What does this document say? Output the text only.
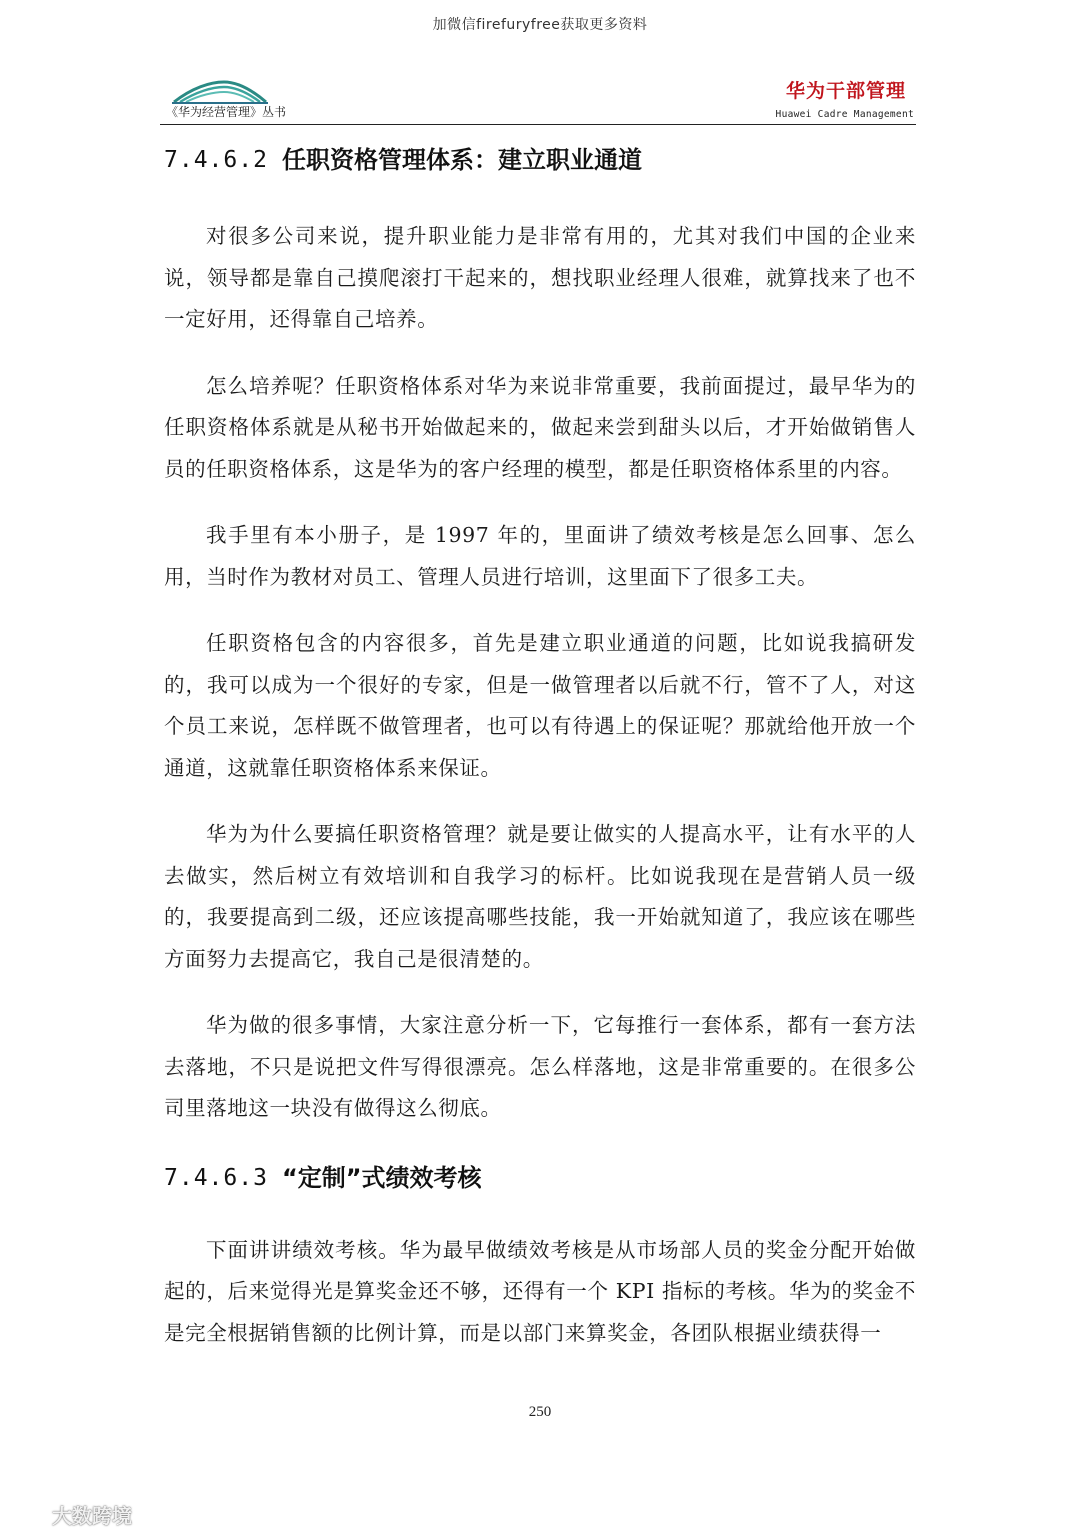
加微信firefuryfree获取更多资料
《华为经营管理》丛书
华为干部管理
Huawei Cadre Management
7.4.6.2 任职资格管理体系：建立职业通道

对很多公司来说，提升职业能力是非常有用的，尤其对我们中国的企业来说，领导都是靠自己摸爬滚打干起来的，想找职业经理人很难，就算找来了也不一定好用，还得靠自己培养。

怎么培养呢？任职资格体系对华为来说非常重要，我前面提过，最早华为的任职资格体系就是从秘书开始做起来的，做起来尝到甜头以后，才开始做销售人员的任职资格体系，这是华为的客户经理的模型，都是任职资格体系里的内容。

我手里有本小册子，是 1997 年的，里面讲了绩效考核是怎么回事、怎么用，当时作为教材对员工、管理人员进行培训，这里面下了很多工夫。

任职资格包含的内容很多，首先是建立职业通道的问题，比如说我搞研发的，我可以成为一个很好的专家，但是一做管理者以后就不行，管不了人，对这个员工来说，怎样既不做管理者，也可以有待遇上的保证呢？那就给他开放一个通道，这就靠任职资格体系来保证。

华为为什么要搞任职资格管理？就是要让做实的人提高水平，让有水平的人去做实，然后树立有效培训和自我学习的标杆。比如说我现在是营销人员一级的，我要提高到二级，还应该提高哪些技能，我一开始就知道了，我应该在哪些方面努力去提高它，我自己是很清楚的。

华为做的很多事情，大家注意分析一下，它每推行一套体系，都有一套方法去落地，不只是说把文件写得很漂亮。怎么样落地，这是非常重要的。在很多公司里落地这一块没有做得这么彻底。

7.4.6.3 “定制”式绩效考核

下面讲讲绩效考核。华为最早做绩效考核是从市场部人员的奖金分配开始做起的，后来觉得光是算奖金还不够，还得有一个 KPI 指标的考核。华为的奖金不是完全根据销售额的比例计算，而是以部门来算奖金，各团队根据业绩获得一

250
大数跨境
